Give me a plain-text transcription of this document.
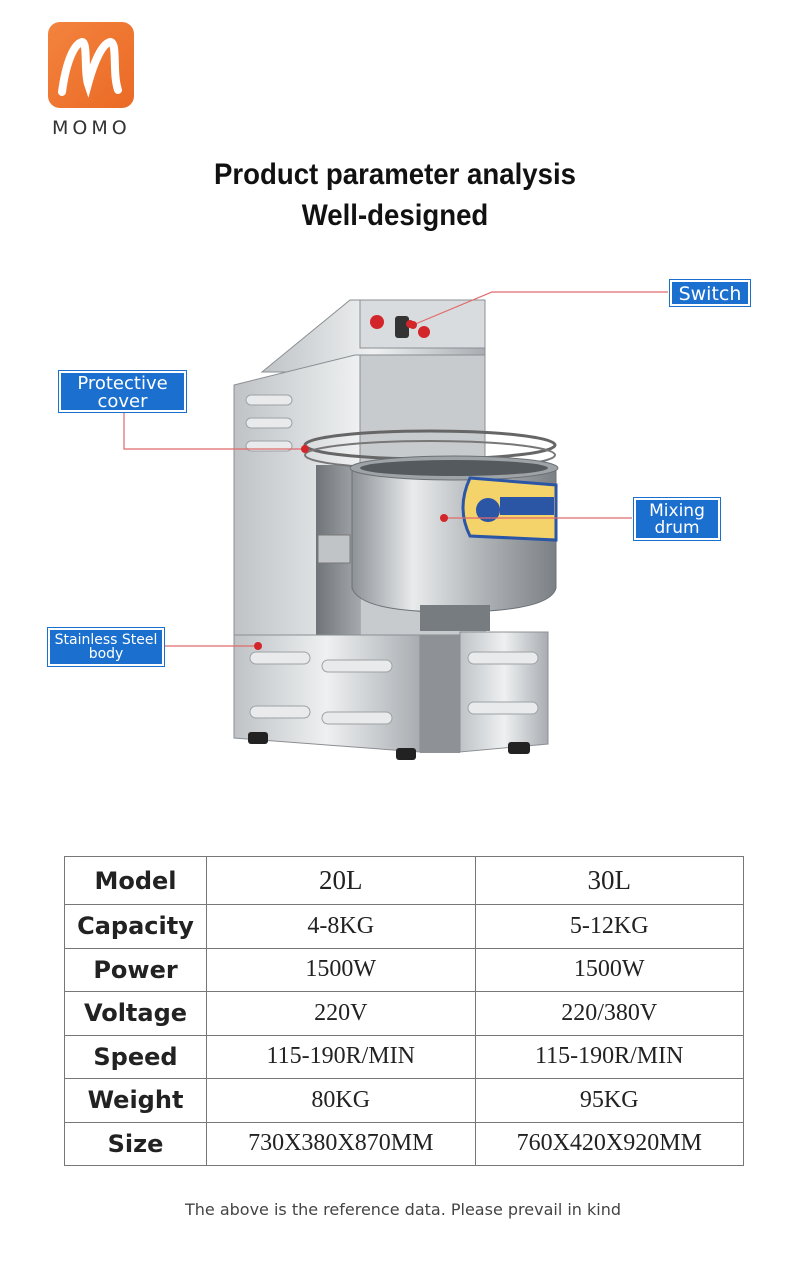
MOMO
Product parameter analysis
Well-designed
Switch
Protective
cover
Mixing
drum
Stainless Steel
body
Model	20L	30L
Capacity	4-8KG	5-12KG
Power	1500W	1500W
Voltage	220V	220/380V
Speed	115-190R/MIN	115-190R/MIN
Weight	80KG	95KG
Size	730X380X870MM	760X420X920MM
The above is the reference data. Please prevail in kind
